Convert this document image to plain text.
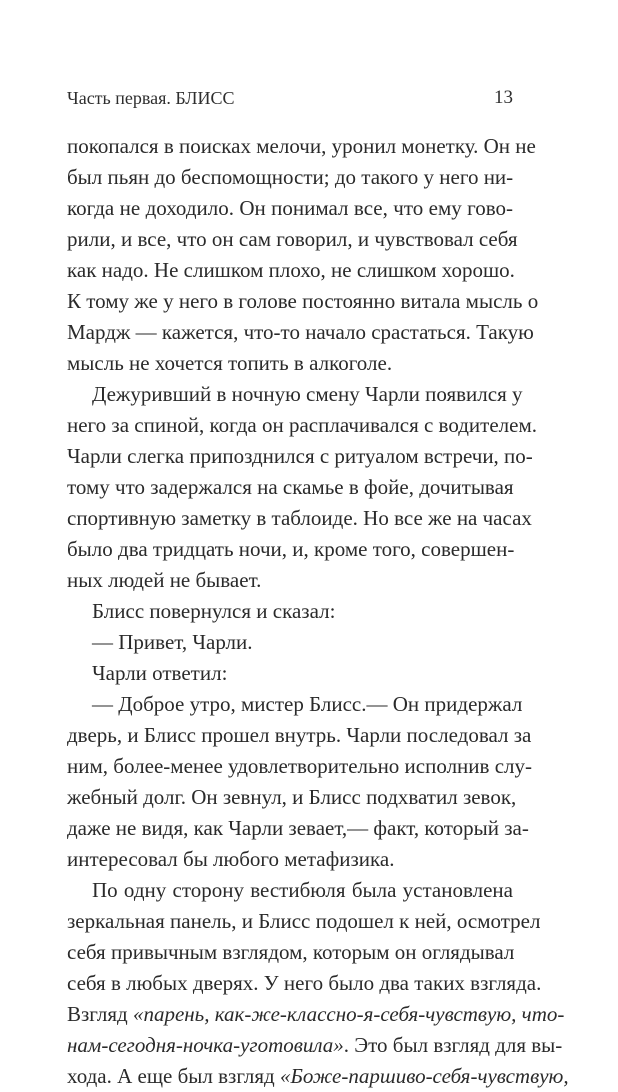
Часть первая. БЛИСС	13
покопался в поисках мелочи, уронил монетку. Он не
был пьян до беспомощности; до такого у него ни-
когда не доходило. Он понимал все, что ему гово-
рили, и все, что он сам говорил, и чувствовал себя
как надо. Не слишком плохо, не слишком хорошо.
К тому же у него в голове постоянно витала мысль о
Мардж — кажется, что-то начало срастаться. Такую
мысль не хочется топить в алкоголе.
Дежуривший в ночную смену Чарли появился у
него за спиной, когда он расплачивался с водителем.
Чарли слегка припозднился с ритуалом встречи, по-
тому что задержался на скамье в фойе, дочитывая
спортивную заметку в таблоиде. Но все же на часах
было два тридцать ночи, и, кроме того, совершен-
ных людей не бывает.
Блисс повернулся и сказал:
— Привет, Чарли.
Чарли ответил:
— Доброе утро, мистер Блисс.— Он придержал
дверь, и Блисс прошел внутрь. Чарли последовал за
ним, более-менее удовлетворительно исполнив слу-
жебный долг. Он зевнул, и Блисс подхватил зевок,
даже не видя, как Чарли зевает,— факт, который за-
интересовал бы любого метафизика.
По одну сторону вестибюля была установлена
зеркальная панель, и Блисс подошел к ней, осмотрел
себя привычным взглядом, которым он оглядывал
себя в любых дверях. У него было два таких взгляда.
Взгляд «парень, как-же-классно-я-себя-чувствую, что-
нам-сегодня-ночка-уготовила». Это был взгляд для вы-
хода. А еще был взгляд «Боже-паршиво-себя-чувствую,
